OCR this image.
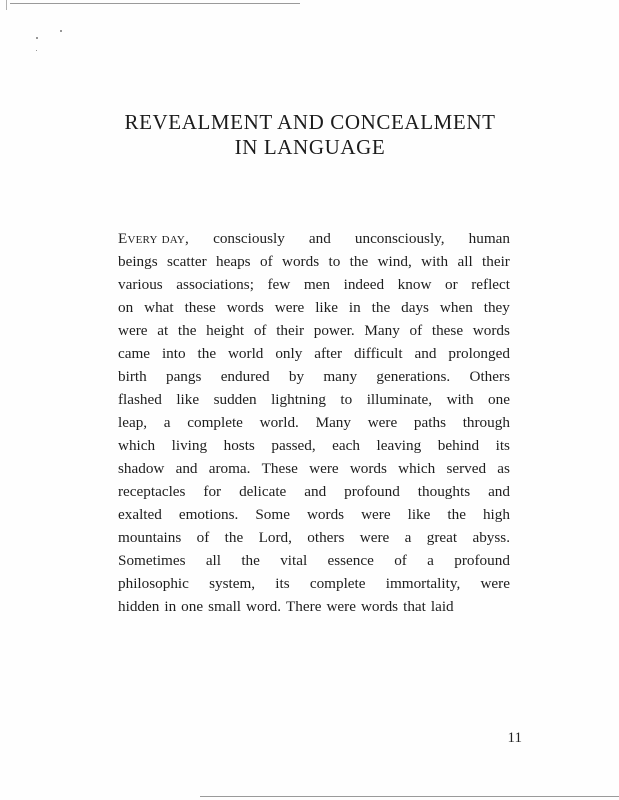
REVEALMENT AND CONCEALMENT
IN LANGUAGE
Every day, consciously and unconsciously, human
beings scatter heaps of words to the wind, with all their
various associations; few men indeed know or reflect
on what these words were like in the days when they
were at the height of their power. Many of these words
came into the world only after difficult and prolonged
birth pangs endured by many generations. Others
flashed like sudden lightning to illuminate, with one
leap, a complete world. Many were paths through
which living hosts passed, each leaving behind its
shadow and aroma. These were words which served as
receptacles for delicate and profound thoughts and
exalted emotions. Some words were like the high
mountains of the Lord, others were a great abyss.
Sometimes all the vital essence of a profound
philosophic system, its complete immortality, were
hidden in one small word. There were words that laid
11
